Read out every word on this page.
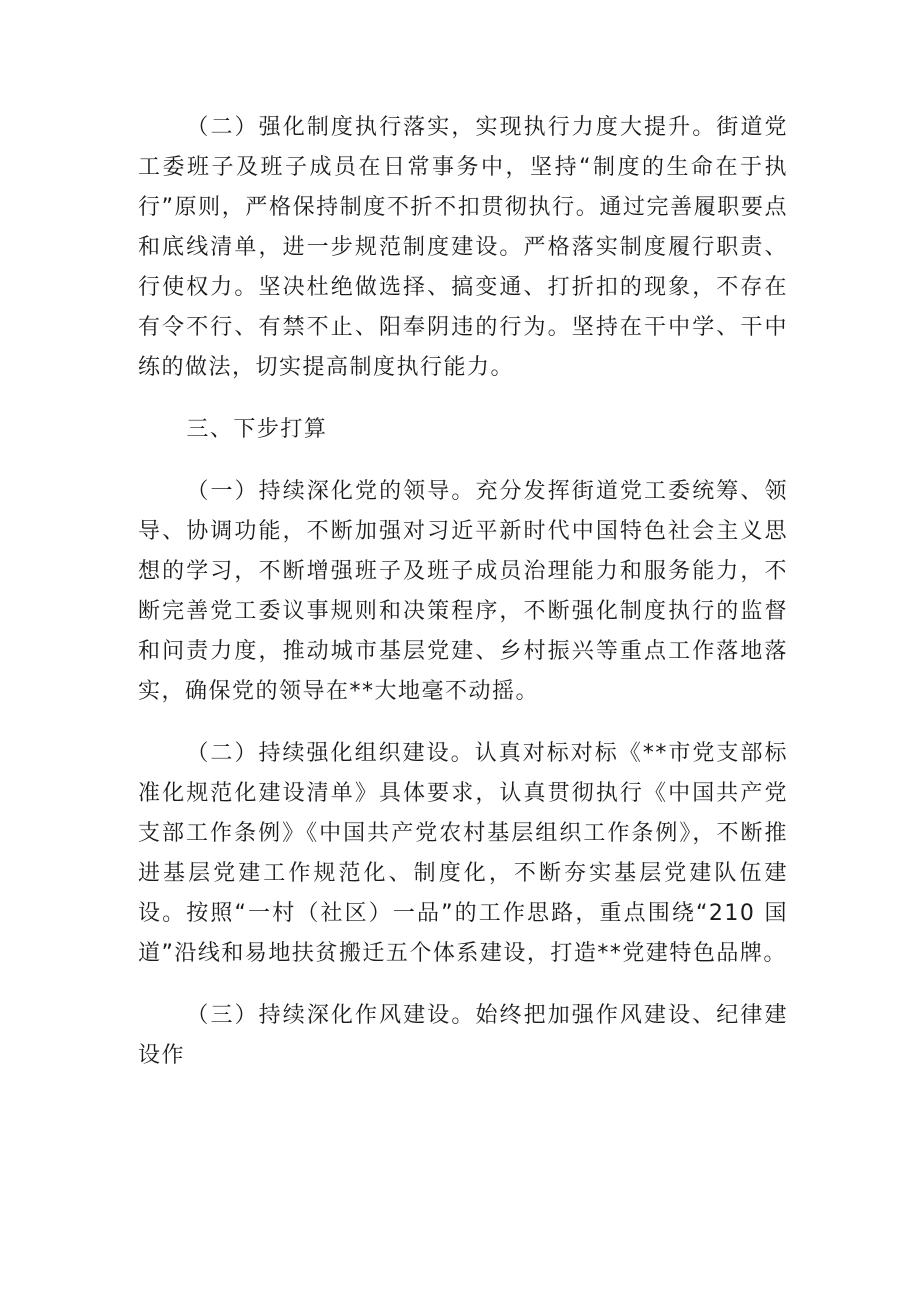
（二）强化制度执行落实，实现执行力度大提升。街道党工委班子及班子成员在日常事务中，坚持“制度的生命在于执行”原则，严格保持制度不折不扣贯彻执行。通过完善履职要点和底线清单，进一步规范制度建设。严格落实制度履行职责、行使权力。坚决杜绝做选择、搞变通、打折扣的现象，不存在有令不行、有禁不止、阳奉阴违的行为。坚持在干中学、干中练的做法，切实提高制度执行能力。

三、下步打算

（一）持续深化党的领导。充分发挥街道党工委统筹、领导、协调功能，不断加强对习近平新时代中国特色社会主义思想的学习，不断增强班子及班子成员治理能力和服务能力，不断完善党工委议事规则和决策程序，不断强化制度执行的监督和问责力度，推动城市基层党建、乡村振兴等重点工作落地落实，确保党的领导在**大地毫不动摇。

（二）持续强化组织建设。认真对标对标《**市党支部标准化规范化建设清单》具体要求，认真贯彻执行《中国共产党支部工作条例》《中国共产党农村基层组织工作条例》，不断推进基层党建工作规范化、制度化，不断夯实基层党建队伍建设。按照“一村（社区）一品”的工作思路，重点围绕“210 国道”沿线和易地扶贫搬迁五个体系建设，打造**党建特色品牌。

（三）持续深化作风建设。始终把加强作风建设、纪律建设作
